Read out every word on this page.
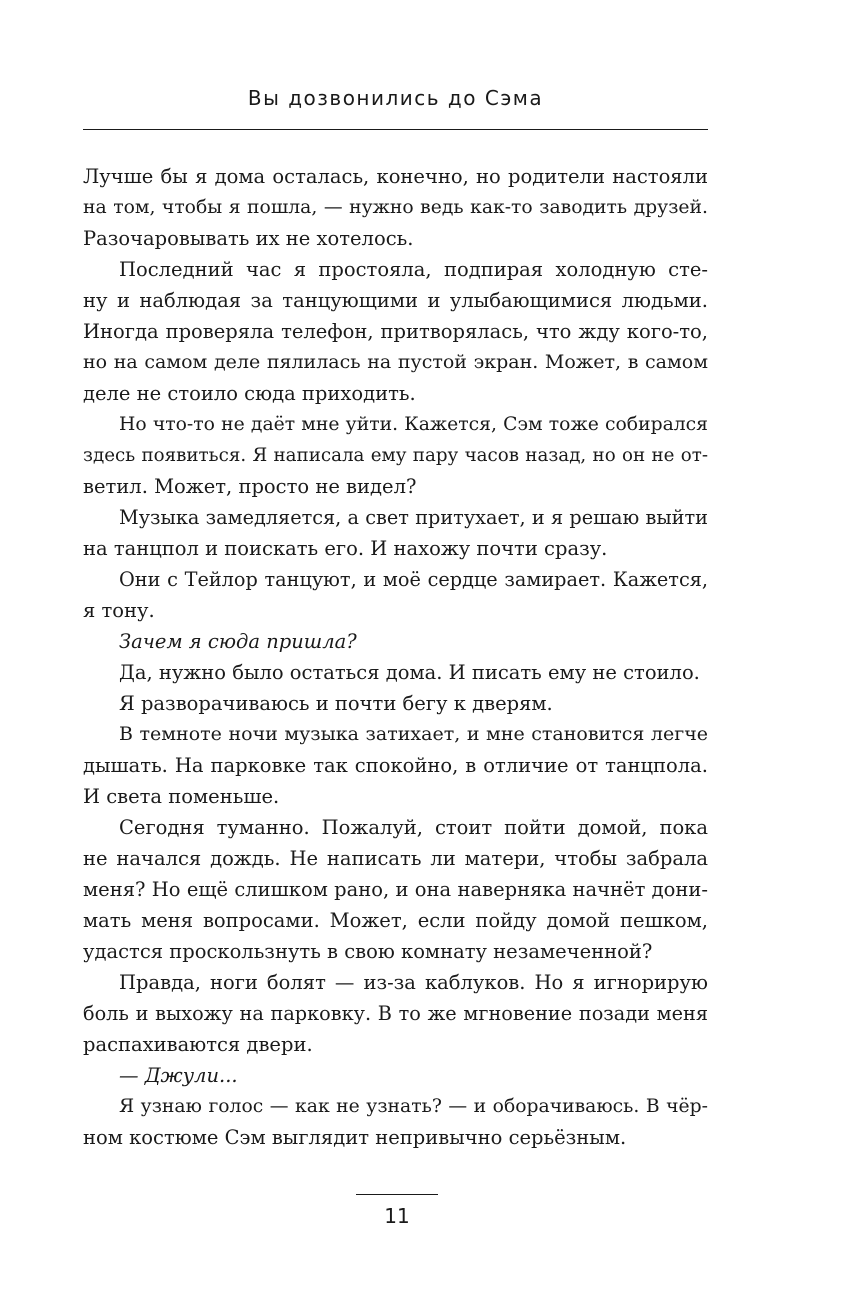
Вы дозвонились до Сэма
Лучше бы я дома осталась, конечно, но родители настояли
на том, чтобы я пошла, — нужно ведь как-то заводить друзей.
Разочаровывать их не хотелось.
Последний час я простояла, подпирая холодную сте-
ну и наблюдая за танцующими и улыбающимися людьми.
Иногда проверяла телефон, притворялась, что жду кого-то,
но на самом деле пялилась на пустой экран. Может, в самом
деле не стоило сюда приходить.
Но что-то не даёт мне уйти. Кажется, Сэм тоже собирался
здесь появиться. Я написала ему пару часов назад, но он не от-
ветил. Может, просто не видел?
Музыка замедляется, а свет притухает, и я решаю выйти
на танцпол и поискать его. И нахожу почти сразу.
Они с Тейлор танцуют, и моё сердце замирает. Кажется,
я тону.
Зачем я сюда пришла?
Да, нужно было остаться дома. И писать ему не стоило.
Я разворачиваюсь и почти бегу к дверям.
В темноте ночи музыка затихает, и мне становится легче
дышать. На парковке так спокойно, в отличие от танцпола.
И света поменьше.
Сегодня туманно. Пожалуй, стоит пойти домой, пока
не начался дождь. Не написать ли матери, чтобы забрала
меня? Но ещё слишком рано, и она наверняка начнёт дони-
мать меня вопросами. Может, если пойду домой пешком,
удастся проскользнуть в свою комнату незамеченной?
Правда, ноги болят — из-за каблуков. Но я игнорирую
боль и выхожу на парковку. В то же мгновение позади меня
распахиваются двери.
— Джули...
Я узнаю голос — как не узнать? — и оборачиваюсь. В чёр-
ном костюме Сэм выглядит непривычно серьёзным.
11
